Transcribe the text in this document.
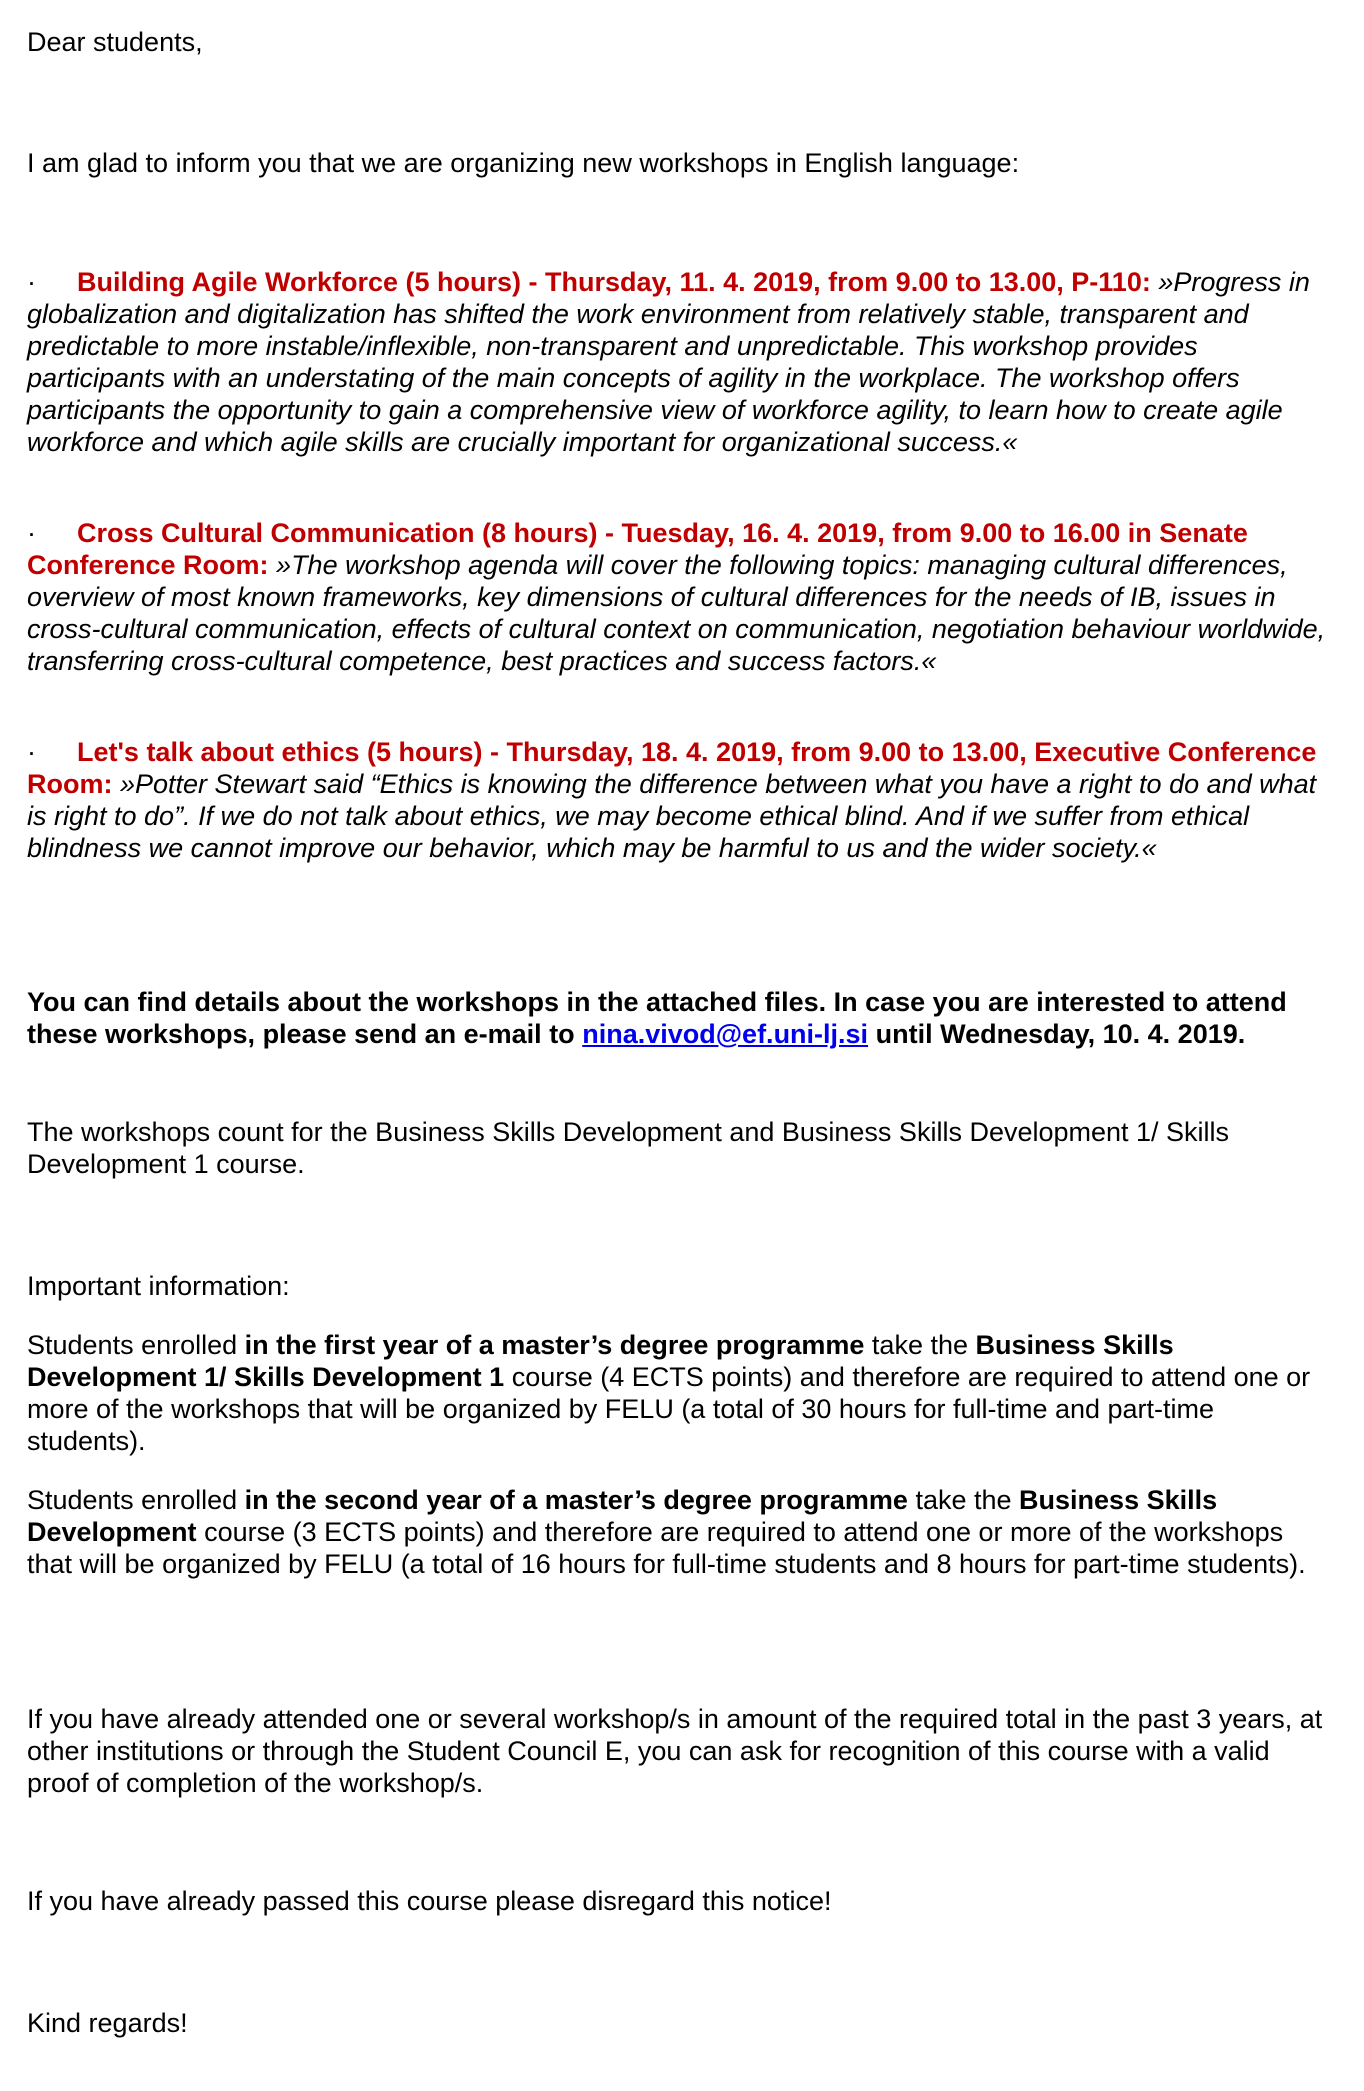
Dear students,

I am glad to inform you that we are organizing new workshops in English language:

· Building Agile Workforce (5 hours) - Thursday, 11. 4. 2019, from 9.00 to 13.00, P-110: »Progress in globalization and digitalization has shifted the work environment from relatively stable, transparent and predictable to more instable/inflexible, non-transparent and unpredictable. This workshop provides participants with an understating of the main concepts of agility in the workplace. The workshop offers participants the opportunity to gain a comprehensive view of workforce agility, to learn how to create agile workforce and which agile skills are crucially important for organizational success.«

· Cross Cultural Communication (8 hours) - Tuesday, 16. 4. 2019, from 9.00 to 16.00 in Senate Conference Room: »The workshop agenda will cover the following topics: managing cultural differences, overview of most known frameworks, key dimensions of cultural differences for the needs of IB, issues in cross-cultural communication, effects of cultural context on communication, negotiation behaviour worldwide, transferring cross-cultural competence, best practices and success factors.«

· Let's talk about ethics (5 hours) - Thursday, 18. 4. 2019, from 9.00 to 13.00, Executive Conference Room: »Potter Stewart said “Ethics is knowing the difference between what you have a right to do and what is right to do”. If we do not talk about ethics, we may become ethical blind. And if we suffer from ethical blindness we cannot improve our behavior, which may be harmful to us and the wider society.«

You can find details about the workshops in the attached files. In case you are interested to attend these workshops, please send an e-mail to nina.vivod@ef.uni-lj.si until Wednesday, 10. 4. 2019.

The workshops count for the Business Skills Development and Business Skills Development 1/ Skills Development 1 course.

Important information:

Students enrolled in the first year of a master’s degree programme take the Business Skills Development 1/ Skills Development 1 course (4 ECTS points) and therefore are required to attend one or more of the workshops that will be organized by FELU (a total of 30 hours for full-time and part-time students).

Students enrolled in the second year of a master’s degree programme take the Business Skills Development course (3 ECTS points) and therefore are required to attend one or more of the workshops that will be organized by FELU (a total of 16 hours for full-time students and 8 hours for part-time students).

If you have already attended one or several workshop/s in amount of the required total in the past 3 years, at other institutions or through the Student Council E, you can ask for recognition of this course with a valid proof of completion of the workshop/s.

If you have already passed this course please disregard this notice!

Kind regards!
